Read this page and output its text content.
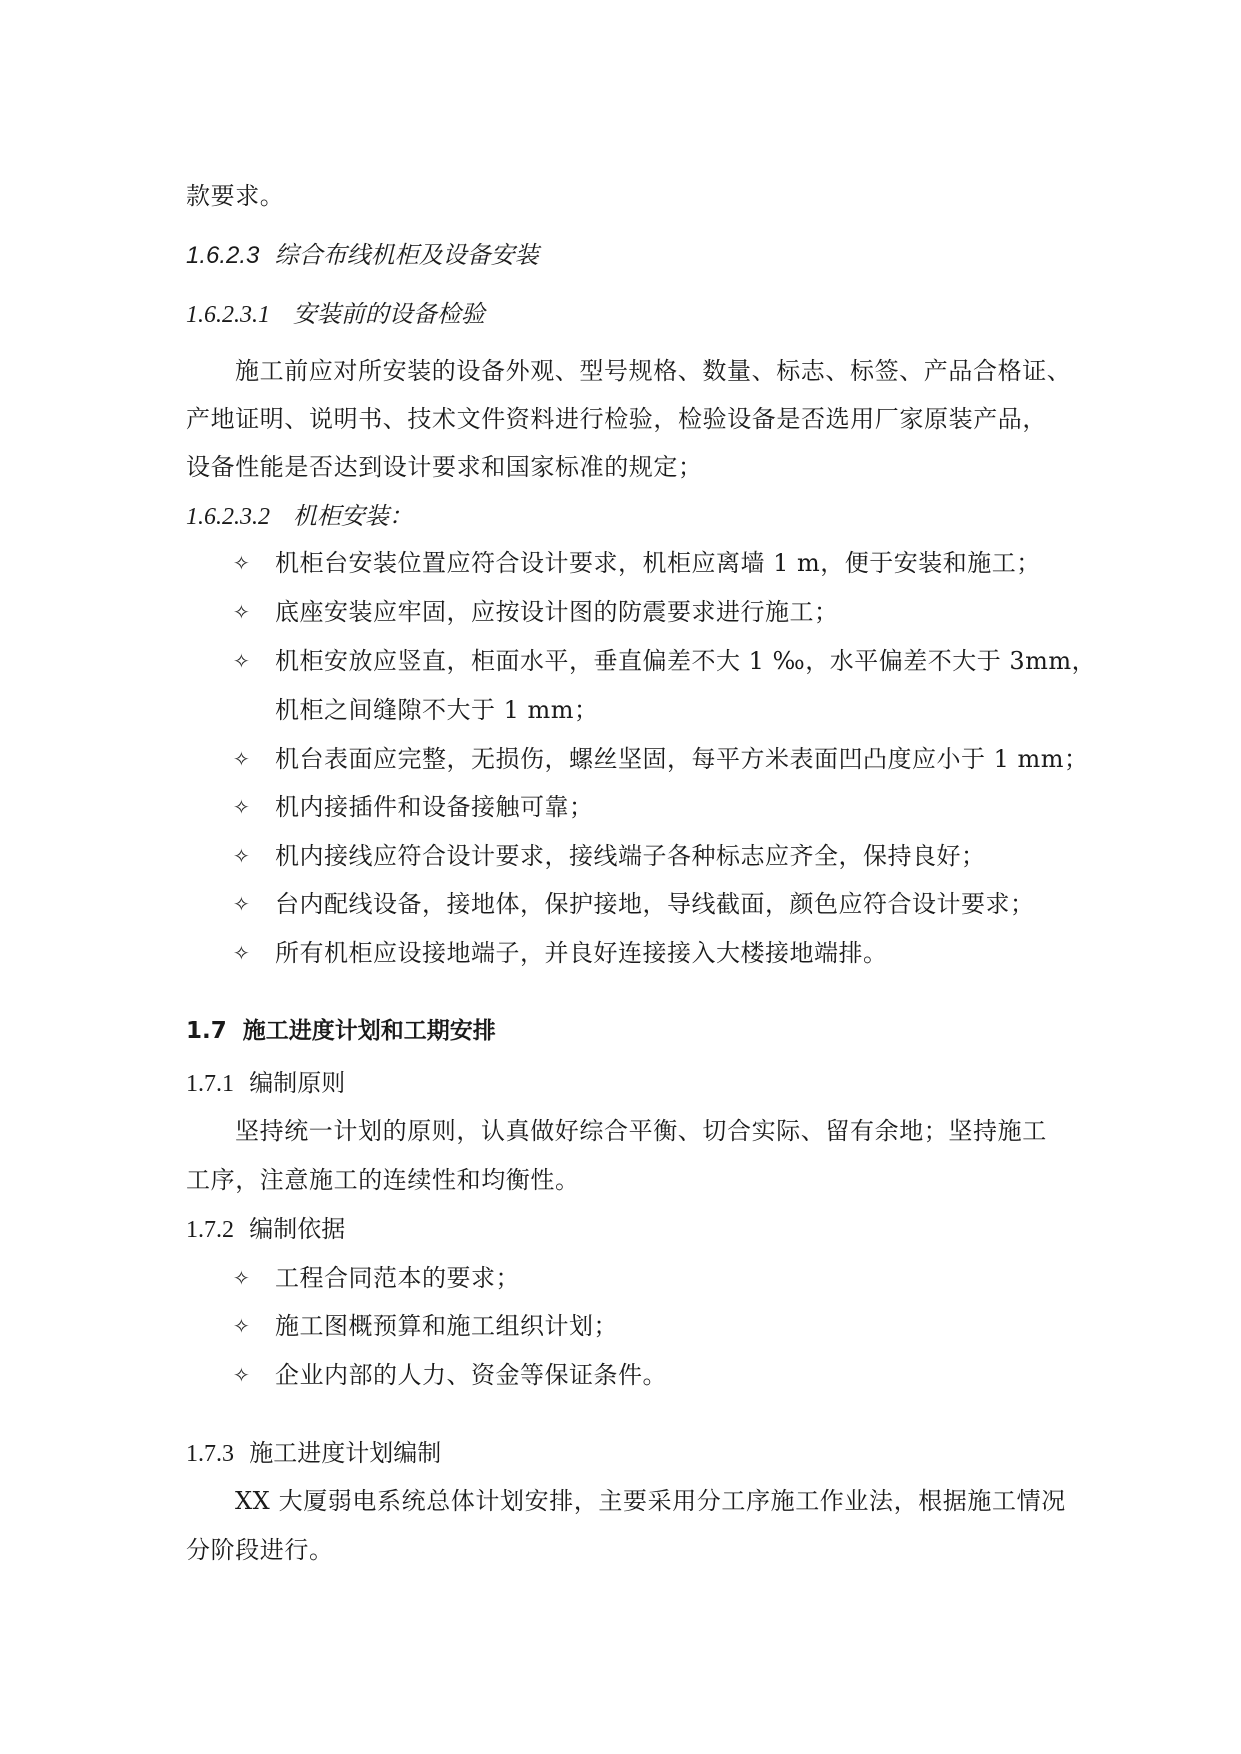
款要求。
1.6.2.3 综合布线机柜及设备安装
1.6.2.3.1 安装前的设备检验
施工前应对所安装的设备外观、型号规格、数量、标志、标签、产品合格证、
产地证明、说明书、技术文件资料进行检验，检验设备是否选用厂家原装产品，
设备性能是否达到设计要求和国家标准的规定；
1.6.2.3.2 机柜安装：
✧ 机柜台安装位置应符合设计要求，机柜应离墙 1 m，便于安装和施工；
✧ 底座安装应牢固，应按设计图的防震要求进行施工；
✧ 机柜安放应竖直，柜面水平，垂直偏差不大 1 ‰，水平偏差不大于 3mm，
机柜之间缝隙不大于 1 mm；
✧ 机台表面应完整，无损伤，螺丝坚固，每平方米表面凹凸度应小于 1 mm；
✧ 机内接插件和设备接触可靠；
✧ 机内接线应符合设计要求，接线端子各种标志应齐全，保持良好；
✧ 台内配线设备，接地体，保护接地，导线截面，颜色应符合设计要求；
✧ 所有机柜应设接地端子，并良好连接接入大楼接地端排。
1.7 施工进度计划和工期安排
1.7.1 编制原则
坚持统一计划的原则，认真做好综合平衡、切合实际、留有余地；坚持施工
工序，注意施工的连续性和均衡性。
1.7.2 编制依据
✧ 工程合同范本的要求；
✧ 施工图概预算和施工组织计划；
✧ 企业内部的人力、资金等保证条件。
1.7.3 施工进度计划编制
XX 大厦弱电系统总体计划安排，主要采用分工序施工作业法，根据施工情况
分阶段进行。
